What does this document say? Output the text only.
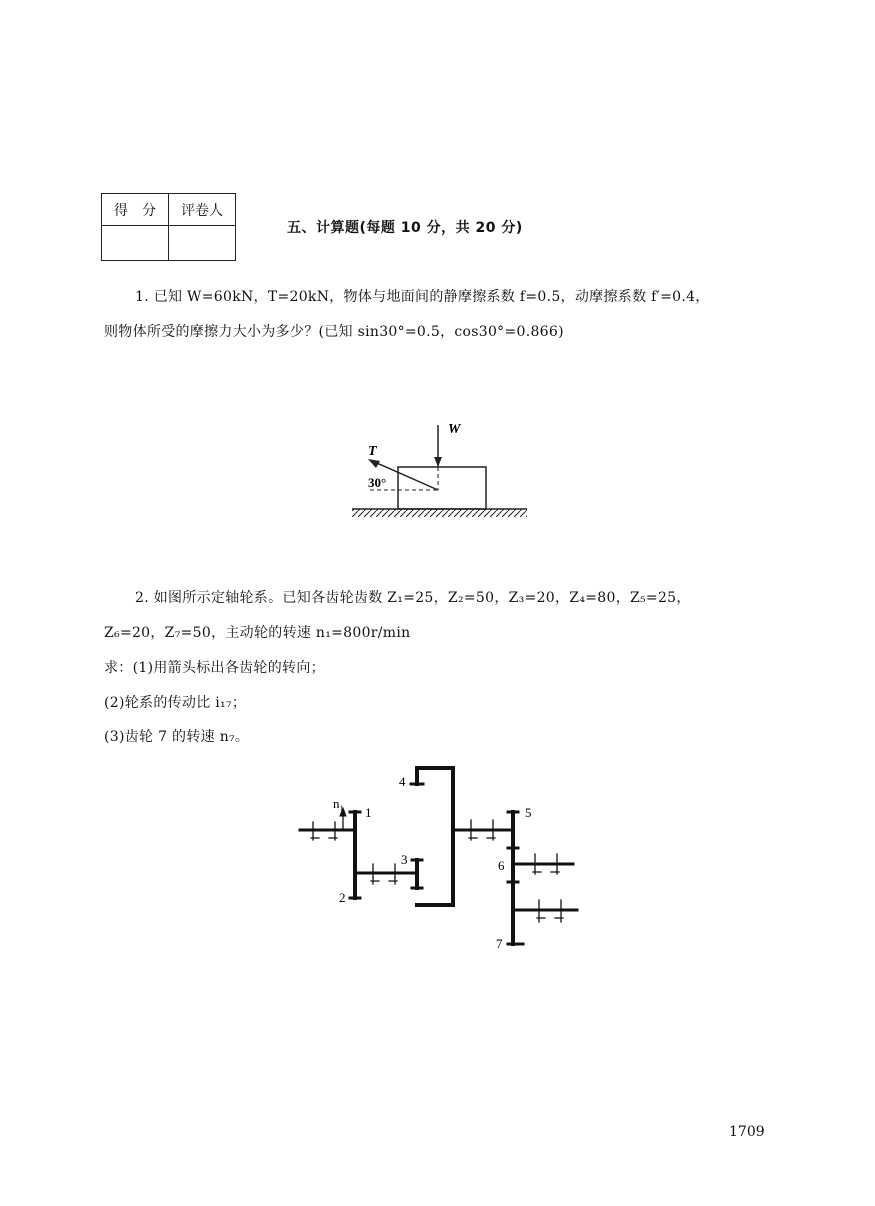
得　分	评卷人

五、计算题(每题 10 分，共 20 分)
1. 已知 W=60kN，T=20kN，物体与地面间的静摩擦系数 f=0.5，动摩擦系数 f′=0.4，
则物体所受的摩擦力大小为多少？(已知 sin30°=0.5，cos30°=0.866)
W
T
30°
2. 如图所示定轴轮系。已知各齿轮齿数 Z₁=25，Z₂=50，Z₃=20，Z₄=80，Z₅=25，
Z₆=20，Z₇=50，主动轮的转速 n₁=800r/min
求：(1)用箭头标出各齿轮的转向；
(2)轮系的传动比 i₁₇；
(3)齿轮 7 的转速 n₇。
1
n₁
2
3
4
5
6
7
1709
